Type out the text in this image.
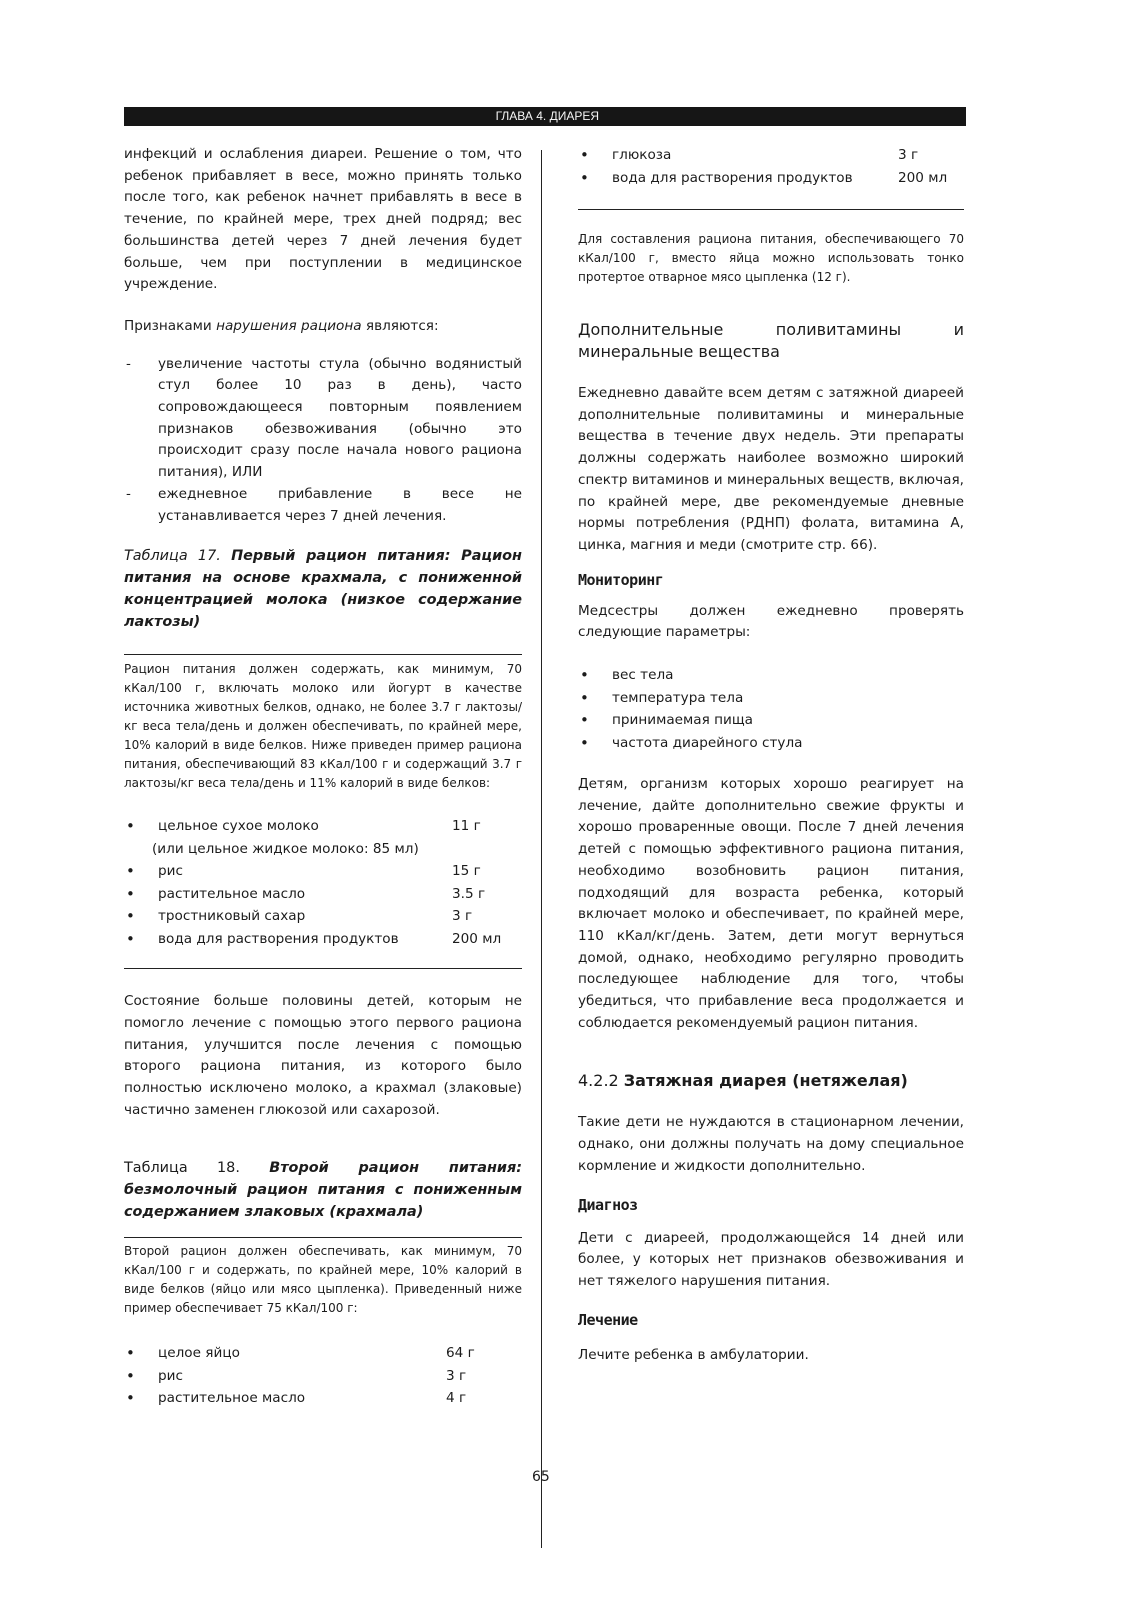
ГЛАВА 4. ДИАРЕЯ

инфекций и ослабления диареи. Решение о том, что ребенок прибавляет в весе, можно принять только после того, как ребенок начнет прибавлять в весе в течение, по крайней мере, трех дней подряд; вес большинства детей через 7 дней лечения будет больше, чем при поступлении в медицинское учреждение.

Признаками нарушения рациона являются:

- увеличение частоты стула (обычно водянистый стул более 10 раз в день), часто сопровождающееся повторным появлением признаков обезвоживания (обычно это происходит сразу после начала нового рациона питания), ИЛИ
- ежедневное прибавление в весе не устанавливается через 7 дней лечения.
Таблица 17. Первый рацион питания: Рацион питания на основе крахмала, с пониженной концентрацией молока (низкое содержание лактозы)

Рацион питания должен содержать, как минимум, 70 кКал/100 г, включать молоко или йогурт в качестве источника животных белков, однако, не более 3.7 г лактозы/кг веса тела/день и должен обеспечивать, по крайней мере, 10% калорий в виде белков. Ниже приведен пример рациона питания, обеспечивающий 83 кКал/100 г и содержащий 3.7 г лактозы/кг веса тела/день и 11% калорий в виде белков:

• цельное сухое молоко	11 г
(или цельное жидкое молоко: 85 мл)
• рис	15 г
• растительное масло	3.5 г
• тростниковый сахар	3 г
• вода для растворения продуктов	200 мл

Состояние больше половины детей, которым не помогло лечение с помощью этого первого рациона питания, улучшится после лечения с помощью второго рациона питания, из которого было полностью исключено молоко, а крахмал (злаковые) частично заменен глюкозой или сахарозой.

Таблица 18. Второй рацион питания: безмолочный рацион питания с пониженным содержанием злаковых (крахмала)

Второй рацион должен обеспечивать, как минимум, 70 кКал/100 г и содержать, по крайней мере, 10% калорий в виде белков (яйцо или мясо цыпленка). Приведенный ниже пример обеспечивает 75 кКал/100 г:

• целое яйцо	64 г
• рис	3 г
• растительное масло	4 г
• глюкоза	3 г
• вода для растворения продуктов	200 мл

Для составления рациона питания, обеспечивающего 70 кКал/100 г, вместо яйца можно использовать тонко протертое отварное мясо цыпленка (12 г).

Дополнительные поливитамины и минеральные вещества

Ежедневно давайте всем детям с затяжной диареей дополнительные поливитамины и минеральные вещества в течение двух недель. Эти препараты должны содержать наиболее возможно широкий спектр витаминов и минеральных веществ, включая, по крайней мере, две рекомендуемые дневные нормы потребления (РДНП) фолата, витамина А, цинка, магния и меди (смотрите стр. 66).

Мониторинг

Медсестры должен ежедневно проверять следующие параметры:

• вес тела
• температура тела
• принимаемая пища
• частота диарейного стула

Детям, организм которых хорошо реагирует на лечение, дайте дополнительно свежие фрукты и хорошо проваренные овощи. После 7 дней лечения детей с помощью эффективного рациона питания, необходимо возобновить рацион питания, подходящий для возраста ребенка, который включает молоко и обеспечивает, по крайней мере, 110 кКал/кг/день. Затем, дети могут вернуться домой, однако, необходимо регулярно проводить последующее наблюдение для того, чтобы убедиться, что прибавление веса продолжается и соблюдается рекомендуемый рацион питания.

4.2.2 Затяжная диарея (нетяжелая)

Такие дети не нуждаются в стационарном лечении, однако, они должны получать на дому специальное кормление и жидкости дополнительно.

Диагноз

Дети с диареей, продолжающейся 14 дней или более, у которых нет признаков обезвоживания и нет тяжелого нарушения питания.

Лечение

Лечите ребенка в амбулатории.

65
